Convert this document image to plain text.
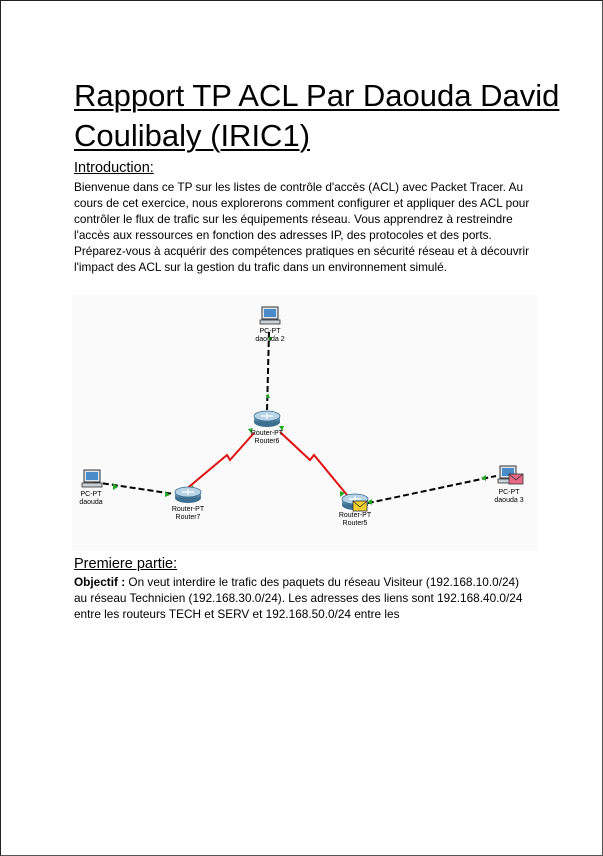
Rapport TP ACL Par Daouda David Coulibaly (IRIC1)
Introduction:

Bienvenue dans ce TP sur les listes de contrôle d'accès (ACL) avec Packet Tracer. Au cours de cet exercice, nous explorerons comment configurer et appliquer des ACL pour contrôler le flux de trafic sur les équipements réseau. Vous apprendrez à restreindre l'accès aux ressources en fonction des adresses IP, des protocoles et des ports. Préparez-vous à acquérir des compétences pratiques en sécurité réseau et à découvrir l'impact des ACL sur la gestion du trafic dans un environnement simulé.

PC-PT
daouda 2
Router-PT
Router6
PC-PT
daouda
Router-PT
Router7	Router-PT
Router5
PC-PT
daouda 3
Premiere partie:

Objectif : On veut interdire le trafic des paquets du réseau Visiteur (192.168.10.0/24) au réseau Technicien (192.168.30.0/24). Les adresses des liens sont 192.168.40.0/24 entre les routeurs TECH et SERV et 192.168.50.0/24 entre les
